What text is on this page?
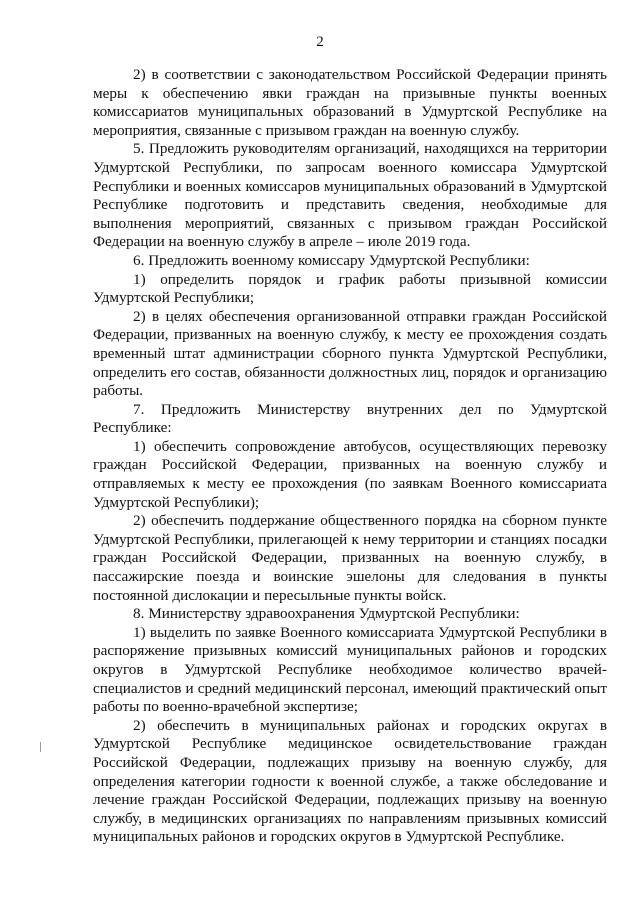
2

2) в соответствии с законодательством Российской Федерации принять меры к обеспечению явки граждан на призывные пункты военных комиссариатов муниципальных образований в Удмуртской Республике на мероприятия, связанные с призывом граждан на военную службу.

5. Предложить руководителям организаций, находящихся на территории Удмуртской Республики, по запросам военного комиссара Удмуртской Республики и военных комиссаров муниципальных образований в Удмуртской Республике подготовить и представить сведения, необходимые для выполнения мероприятий, связанных с призывом граждан Российской Федерации на военную службу в апреле – июле 2019 года.

6. Предложить военному комиссару Удмуртской Республики:

1) определить порядок и график работы призывной комиссии Удмуртской Республики;

2) в целях обеспечения организованной отправки граждан Российской Федерации, призванных на военную службу, к месту ее прохождения создать временный штат администрации сборного пункта Удмуртской Республики, определить его состав, обязанности должностных лиц, порядок и организацию работы.

7. Предложить Министерству внутренних дел по Удмуртской Республике:

1) обеспечить сопровождение автобусов, осуществляющих перевозку граждан Российской Федерации, призванных на военную службу и отправляемых к месту ее прохождения (по заявкам Военного комиссариата Удмуртской Республики);

2) обеспечить поддержание общественного порядка на сборном пункте Удмуртской Республики, прилегающей к нему территории и станциях посадки граждан Российской Федерации, призванных на военную службу, в пассажирские поезда и воинские эшелоны для следования в пункты постоянной дислокации и пересыльные пункты войск.

8. Министерству здравоохранения Удмуртской Республики:

1) выделить по заявке Военного комиссариата Удмуртской Республики в распоряжение призывных комиссий муниципальных районов и городских округов в Удмуртской Республике необходимое количество врачей-специалистов и средний медицинский персонал, имеющий практический опыт работы по военно-врачебной экспертизе;

2) обеспечить в муниципальных районах и городских округах в Удмуртской Республике медицинское освидетельствование граждан Российской Федерации, подлежащих призыву на военную службу, для определения категории годности к военной службе, а также обследование и лечение граждан Российской Федерации, подлежащих призыву на военную службу, в медицинских организациях по направлениям призывных комиссий муниципальных районов и городских округов в Удмуртской Республике.
